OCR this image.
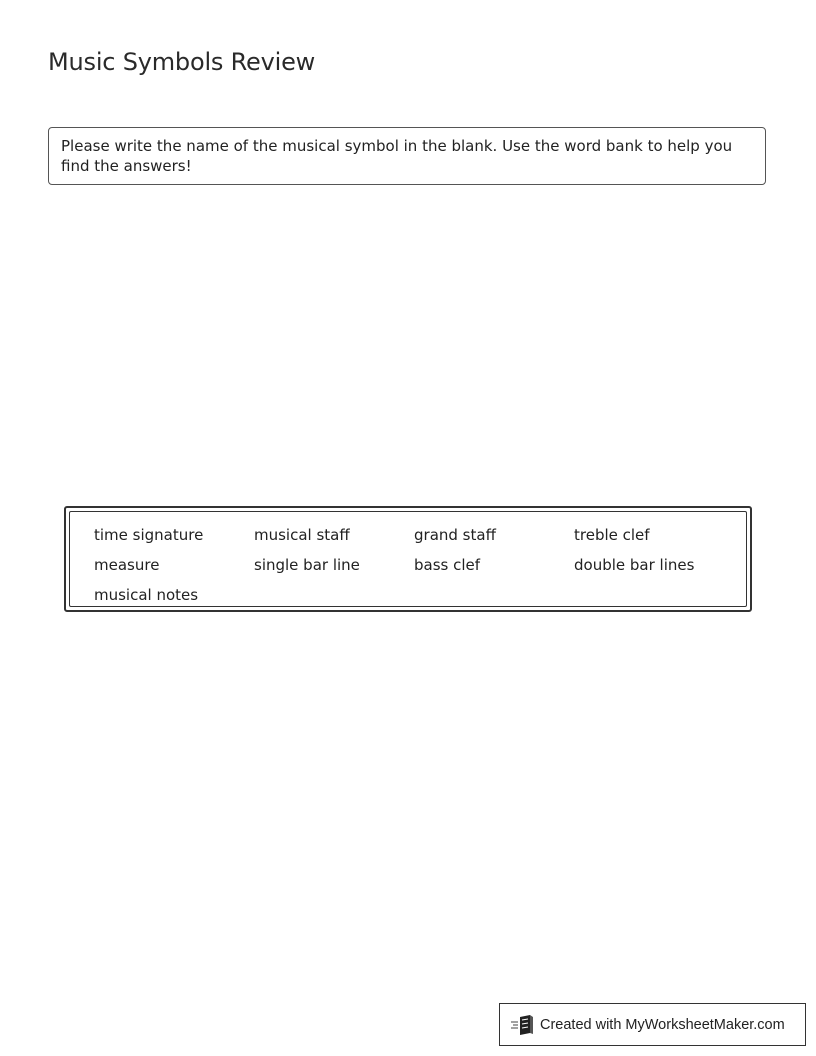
Music Symbols Review
Please write the name of the musical symbol in the blank. Use the word bank to help you find the answers!
time signature	musical staff	grand staff	treble clef
measure	single bar line	bass clef	double bar lines
musical notes
Created with MyWorksheetMaker.com
